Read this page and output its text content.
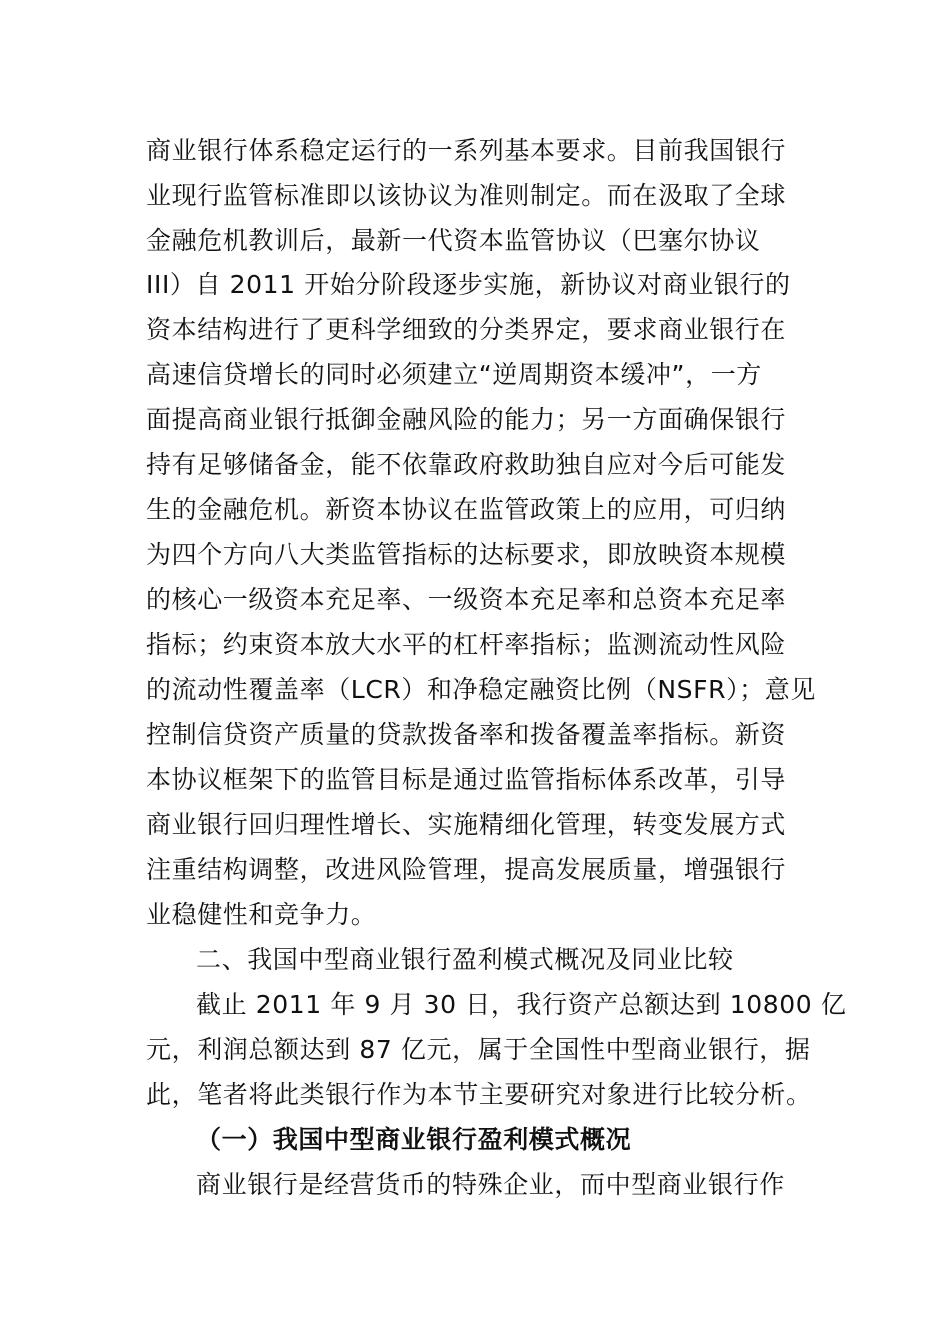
商业银行体系稳定运行的一系列基本要求。目前我国银行
业现行监管标准即以该协议为准则制定。而在汲取了全球
金融危机教训后，最新一代资本监管协议（巴塞尔协议
III）自 2011 开始分阶段逐步实施，新协议对商业银行的
资本结构进行了更科学细致的分类界定，要求商业银行在
高速信贷增长的同时必须建立“逆周期资本缓冲”，一方
面提高商业银行抵御金融风险的能力；另一方面确保银行
持有足够储备金，能不依靠政府救助独自应对今后可能发
生的金融危机。新资本协议在监管政策上的应用，可归纳
为四个方向八大类监管指标的达标要求，即放映资本规模
的核心一级资本充足率、一级资本充足率和总资本充足率
指标；约束资本放大水平的杠杆率指标；监测流动性风险
的流动性覆盖率（LCR）和净稳定融资比例（NSFR）；意见
控制信贷资产质量的贷款拨备率和拨备覆盖率指标。新资
本协议框架下的监管目标是通过监管指标体系改革，引导
商业银行回归理性增长、实施精细化管理，转变发展方式
注重结构调整，改进风险管理，提高发展质量，增强银行
业稳健性和竞争力。
二、我国中型商业银行盈利模式概况及同业比较
截止 2011 年 9 月 30 日，我行资产总额达到 10800 亿
元，利润总额达到 87 亿元，属于全国性中型商业银行，据
此，笔者将此类银行作为本节主要研究对象进行比较分析。
（一）我国中型商业银行盈利模式概况
商业银行是经营货币的特殊企业，而中型商业银行作
